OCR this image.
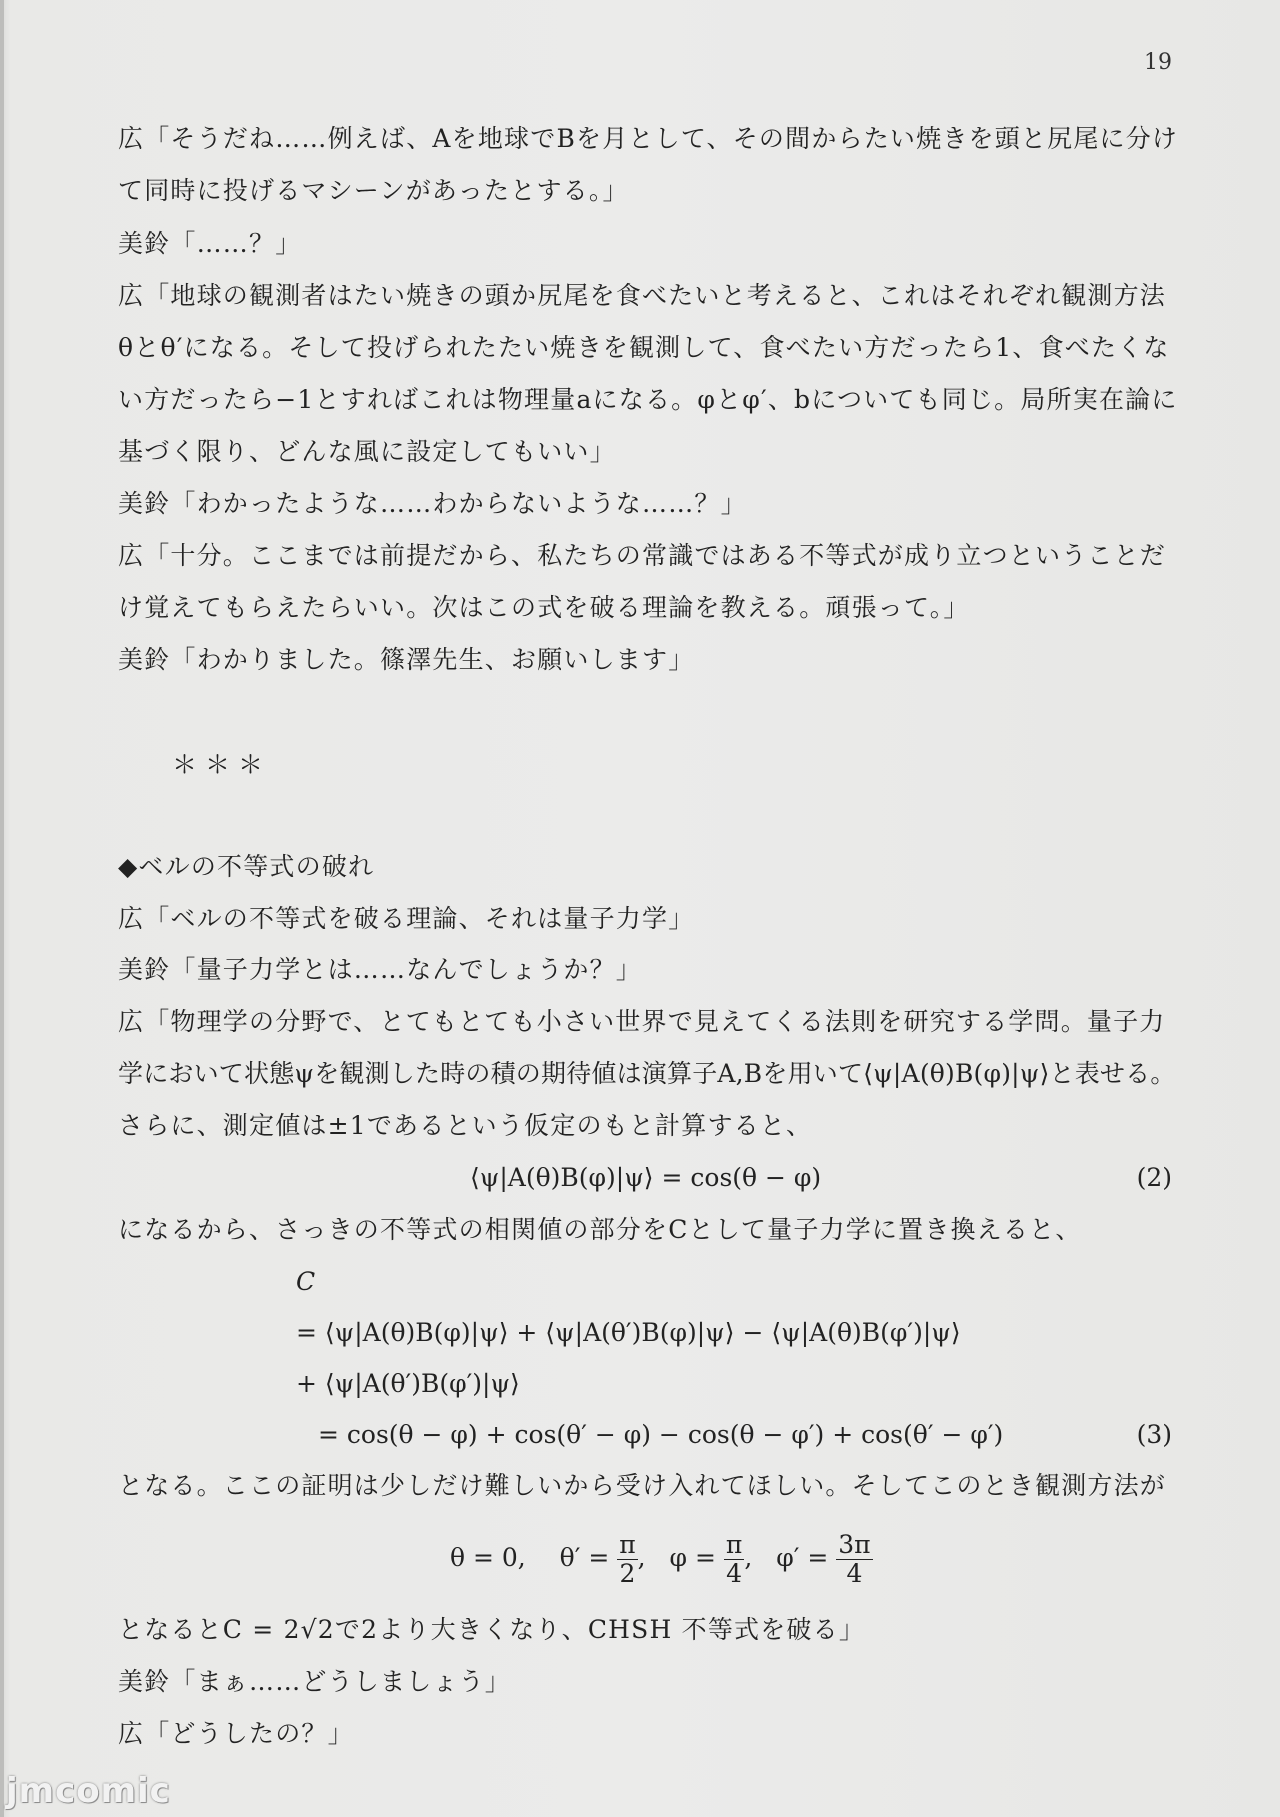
19
広「そうだね……例えば、Aを地球でBを月として、その間からたい焼きを頭と尻尾に分け
て同時に投げるマシーンがあったとする。」
美鈴「……？」
広「地球の観測者はたい焼きの頭か尻尾を食べたいと考えると、これはそれぞれ観測方法
θとθ′になる。そして投げられたたい焼きを観測して、食べたい方だったら1、食べたくな
い方だったら−1とすればこれは物理量aになる。φとφ′、bについても同じ。局所実在論に
基づく限り、どんな風に設定してもいい」
美鈴「わかったような……わからないような……？」
広「十分。ここまでは前提だから、私たちの常識ではある不等式が成り立つということだ
け覚えてもらえたらいい。次はこの式を破る理論を教える。頑張って。」
美鈴「わかりました。篠澤先生、お願いします」
＊＊＊
◆ベルの不等式の破れ
広「ベルの不等式を破る理論、それは量子力学」
美鈴「量子力学とは……なんでしょうか？」
広「物理学の分野で、とてもとても小さい世界で見えてくる法則を研究する学問。量子力
学において状態ψを観測した時の積の期待値は演算子A,Bを用いて⟨ψ|A(θ)B(φ)|ψ⟩と表せる。
さらに、測定値は±1であるという仮定のもと計算すると、
⟨ψ|A(θ)B(φ)|ψ⟩ = cos(θ − φ)	(2)
になるから、さっきの不等式の相関値の部分をCとして量子力学に置き換えると、
C
= ⟨ψ|A(θ)B(φ)|ψ⟩ + ⟨ψ|A(θ′)B(φ)|ψ⟩ − ⟨ψ|A(θ)B(φ′)|ψ⟩
+ ⟨ψ|A(θ′)B(φ′)|ψ⟩
= cos(θ − φ) + cos(θ′ − φ) − cos(θ − φ′) + cos(θ′ − φ′)	(3)
となる。ここの証明は少しだけ難しいから受け入れてほしい。そしてこのとき観測方法が
θ = 0, $\theta' = \frac{\pi}{2}$ ,  $\varphi = \frac{\pi}{4}$ ,  $\varphi' = \frac{3\pi}{4}$
となるとC = 2√2で2より大きくなり、CHSH 不等式を破る」
美鈴「まぁ……どうしましょう」
広「どうしたの？」
jmcomic
